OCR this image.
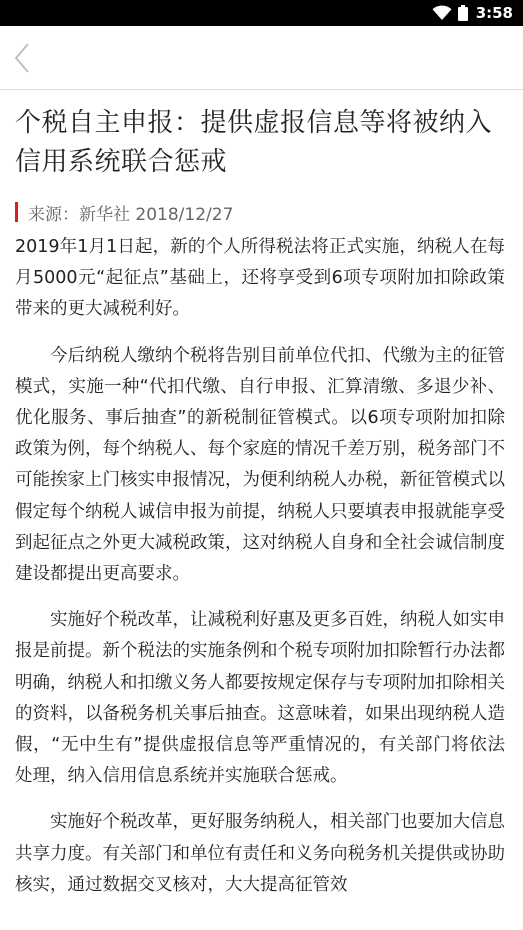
3:58
个税自主申报：提供虚报信息等将被纳入信用系统联合惩戒
来源：新华社 2018/12/27

2019年1月1日起，新的个人所得税法将正式实施，纳税人在每月5000元“起征点”基础上，还将享受到6项专项附加扣除政策带来的更大减税利好。

今后纳税人缴纳个税将告别目前单位代扣、代缴为主的征管模式，实施一种“代扣代缴、自行申报、汇算清缴、多退少补、优化服务、事后抽查”的新税制征管模式。以6项专项附加扣除政策为例，每个纳税人、每个家庭的情况千差万别，税务部门不可能挨家上门核实申报情况，为便利纳税人办税，新征管模式以假定每个纳税人诚信申报为前提，纳税人只要填表申报就能享受到起征点之外更大减税政策，这对纳税人自身和全社会诚信制度建设都提出更高要求。

实施好个税改革，让减税利好惠及更多百姓，纳税人如实申报是前提。新个税法的实施条例和个税专项附加扣除暂行办法都明确，纳税人和扣缴义务人都要按规定保存与专项附加扣除相关的资料，以备税务机关事后抽查。这意味着，如果出现纳税人造假，“无中生有”提供虚报信息等严重情况的，有关部门将依法处理，纳入信用信息系统并实施联合惩戒。

实施好个税改革，更好服务纳税人，相关部门也要加大信息共享力度。有关部门和单位有责任和义务向税务机关提供或协助核实，通过数据交叉核对，大大提高征管效
